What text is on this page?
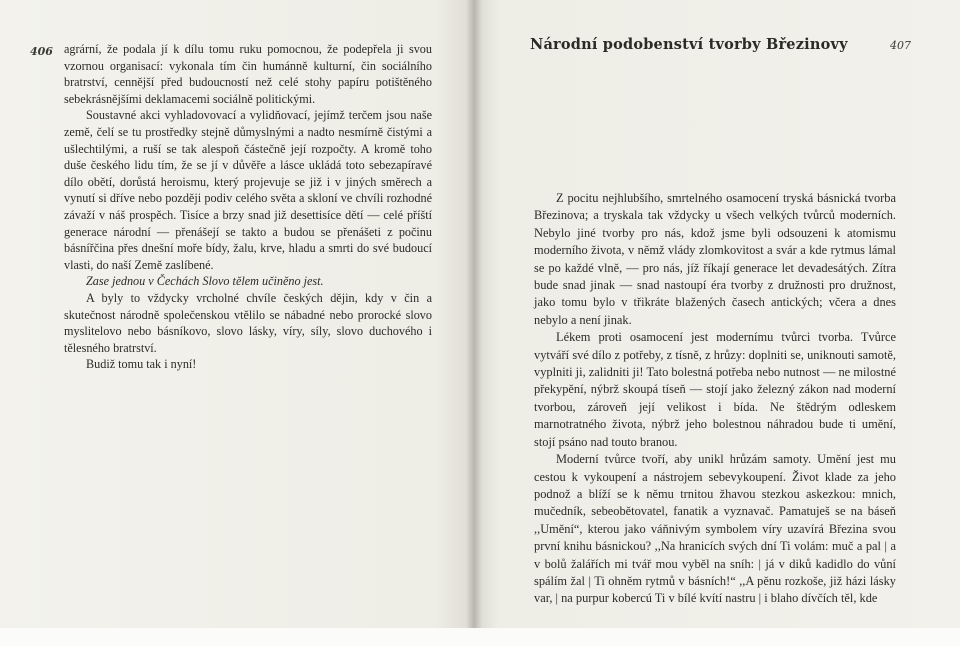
406 agrární, že podala jí k dílu tomu ruku pomocnou, že podepřela ji svou vzornou organisací: vykonala tím čin humánně kulturní, čin sociálního bratrství, cennější před budoucností než celé stohy papíru potištěného sebekrásnějšími deklamacemi sociálně politickými.

Soustavné akci vyhladovovací a vylidňovací, jejímž terčem jsou naše země, čelí se tu prostředky stejně důmyslnými a nadto nesmírně čistými a ušlechtilými, a ruší se tak alespoň částečně její rozpočty. A kromě toho duše českého lidu tím, že se jí v důvěře a lásce ukládá toto sebezapíravé dílo obětí, dorůstá heroismu, který projevuje se již i v jiných směrech a vynutí si dříve nebo později podiv celého světa a skloní ve chvíli rozhodné závaží v náš prospěch. Tisíce a brzy snad již desettisíce dětí — celé příští generace národní — přenášejí se takto a budou se přenášeti z počinu básnířčina přes dnešní moře bídy, žalu, krve, hladu a smrti do své budoucí vlasti, do naší Země zaslíbené.

Zase jednou v Čechách Slovo tělem učiněno jest.

A byly to vždycky vrcholné chvíle českých dějin, kdy v čin a skutečnost národně společenskou vtělilo se nábadné nebo prorocké slovo myslitelovo nebo básníkovo, slovo lásky, víry, síly, slovo duchového i tělesného bratrství.

Budiž tomu tak i nyní!

Národní podobenství tvorby Březinovy	407

Z pocitu nejhlubšího, smrtelného osamocení tryská básnická tvorba Březinova; a tryskala tak vždycky u všech velkých tvůrců moderních. Nebylo jiné tvorby pro nás, kdož jsme byli odsouzeni k atomismu moderního života, v němž vlády zlomkovitost a svár a kde rytmus lámal se po každé vlně, — pro nás, jíž říkají generace let devadesátých. Zítra bude snad jinak — snad nastoupí éra tvorby z družnosti pro družnost, jako tomu bylo v třikráte blažených časech antických; včera a dnes nebylo a není jinak.

Lékem proti osamocení jest modernímu tvůrci tvorba. Tvůrce vytváří své dílo z potřeby, z tísně, z hrůzy: doplniti se, uniknouti samotě, vyplniti ji, zalidniti ji! Tato bolestná potřeba nebo nutnost — ne milostné překypění, nýbrž skoupá tíseň — stojí jako železný zákon nad moderní tvorbou, zároveň její velikost i bída. Ne štědrým odleskem marnotratného života, nýbrž jeho bolestnou náhradou bude ti umění, stojí psáno nad touto branou.

Moderní tvůrce tvoří, aby unikl hrůzám samoty. Umění jest mu cestou k vykoupení a nástrojem sebevykoupení. Život klade za jeho podnož a blíží se k němu trnitou žhavou stezkou askezkou: mnich, mučedník, sebeobětovatel, fanatik a vyznavač. Pamatuješ se na báseň ,,Umění“, kterou jako váňnivým symbolem víry uzavírá Březina svou první knihu básnickou? ,,Na hranicích svých dní Ti volám: muč a pal | a v bolů žalářích mi tvář mou vyběl na sníh: | já v diků kadidlo do vůní spálím žal | Ti ohněm rytmů v básních!“ ,,A pěnu rozkoše, již házi lásky var, | na purpur kobercú Ti v bílé kvítí nastru | i blaho dívčích těl, kde
